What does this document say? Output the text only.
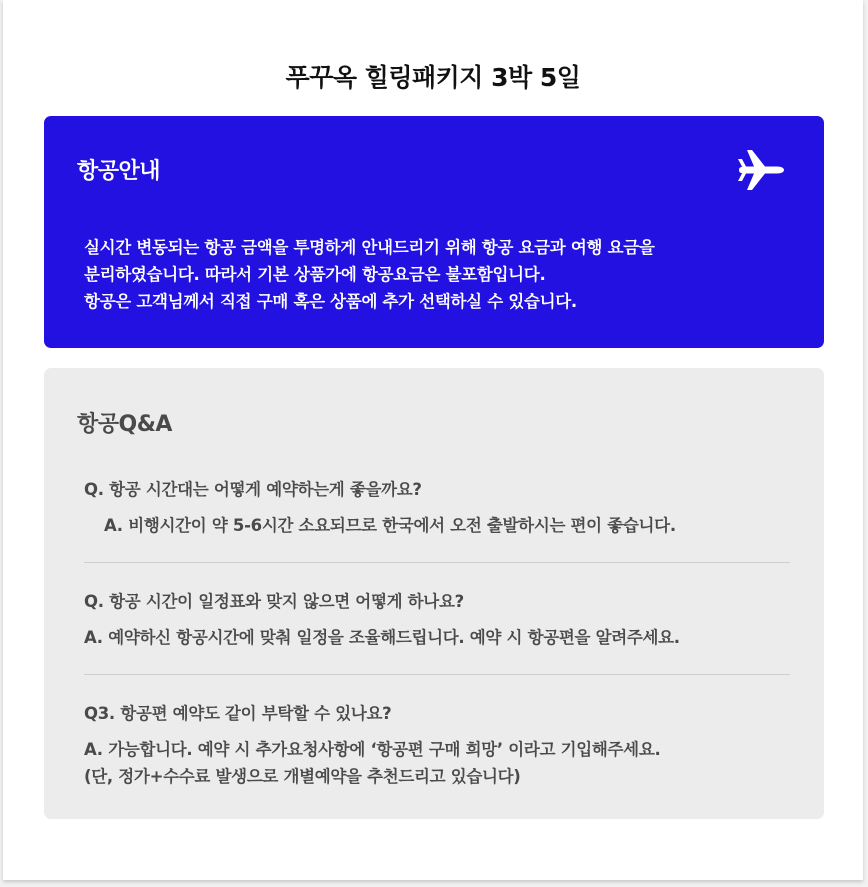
푸꾸옥 힐링패키지 3박 5일
항공안내
실시간 변동되는 항공 금액을 투명하게 안내드리기 위해 항공 요금과 여행 요금을
분리하였습니다. 따라서 기본 상품가에 항공요금은 불포함입니다.
항공은 고객님께서 직접 구매 혹은 상품에 추가 선택하실 수 있습니다.
항공Q&A
Q. 항공 시간대는 어떻게 예약하는게 좋을까요?
A. 비행시간이 약 5-6시간 소요되므로 한국에서 오전 출발하시는 편이 좋습니다.
Q. 항공 시간이 일정표와 맞지 않으면 어떻게 하나요?
A. 예약하신 항공시간에 맞춰 일정을 조율해드립니다. 예약 시 항공편을 알려주세요.
Q3. 항공편 예약도 같이 부탁할 수 있나요?
A. 가능합니다. 예약 시 추가요청사항에 ‘항공편 구매 희망’ 이라고 기입해주세요.
(단, 정가+수수료 발생으로 개별예약을 추천드리고 있습니다)
